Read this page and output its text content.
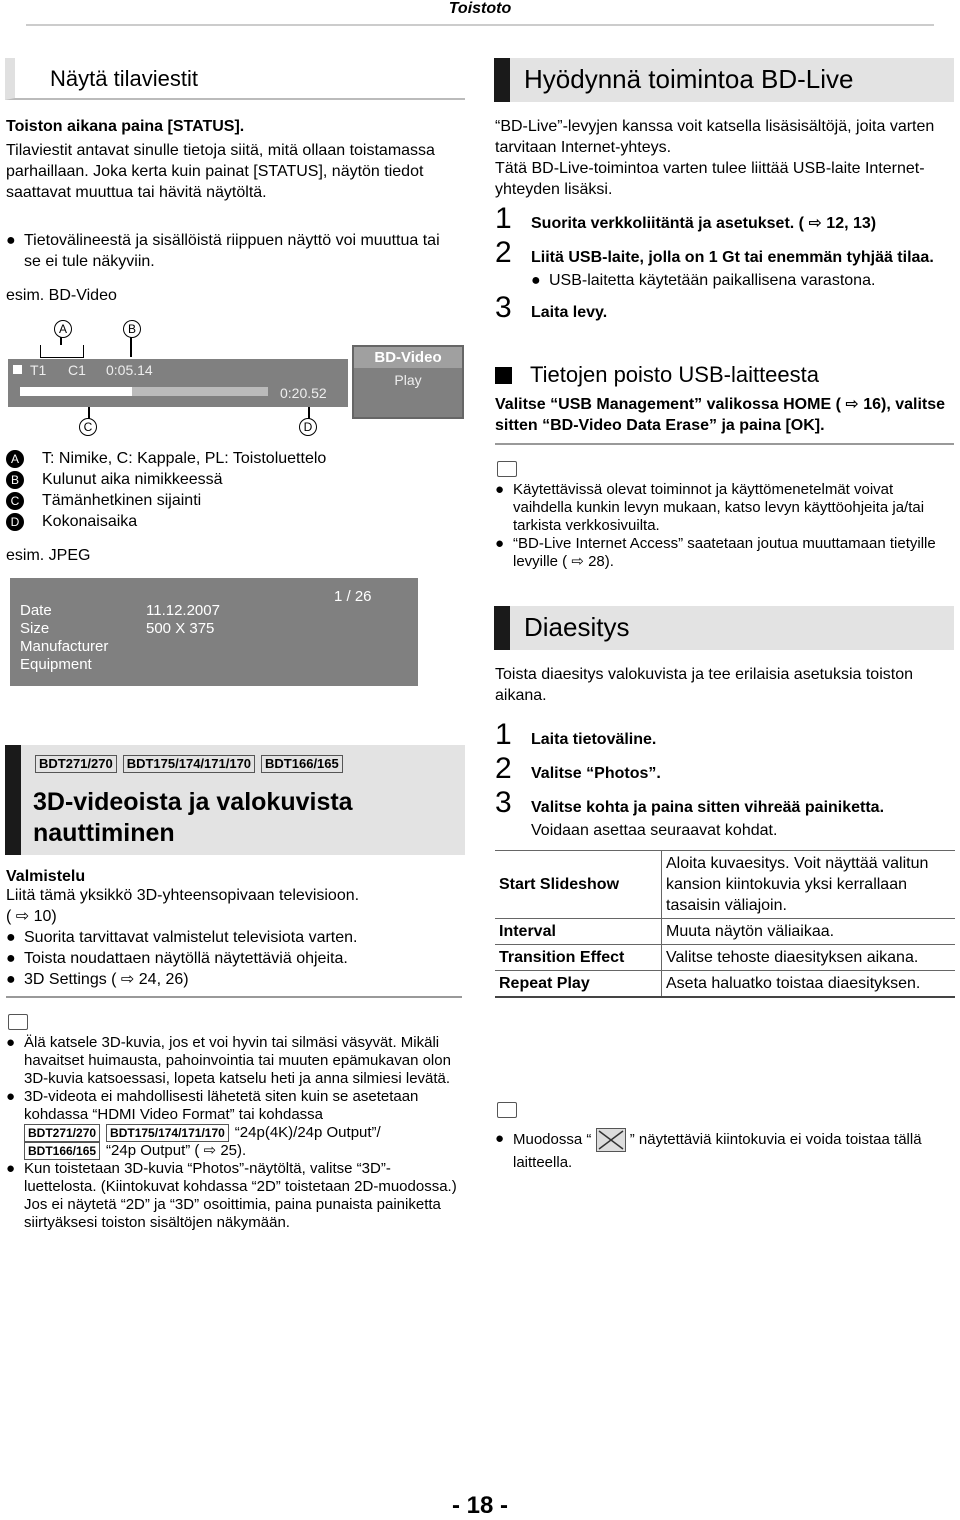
Toistoto
Näytä tilaviestit

Toiston aikana paina [STATUS].

Tilaviestit antavat sinulle tietoja siitä, mitä ollaan toistamassa parhaillaan. Joka kerta kuin painat [STATUS], näytön tiedot saattavat muuttua tai hävitä näytöltä.

● Tietovälineestä ja sisällöistä riippuen näyttö voi muuttua tai se ei tule näkyviin.

esim. BD-Video

A	B
T1 C1 0:05.14
0:20.52
BD-Video
Play
C	D
A	T: Nimike, C: Kappale, PL: Toistoluettelo
B	Kulunut aika nimikkeessä
C Tämänhetkinen sijainti
D Kokonaisaika

esim. JPEG

1 / 26
Date	11.12.2007
Size	500 X 375
Manufacturer
Equipment
BDT271/270 BDT175/174/171/170 BDT166/165
3D-videoista ja valokuvista
nauttiminen

Valmistelu

Liitä tämä yksikkö 3D-yhteensopivaan televisioon.

( ⇨ 10)

● Suorita tarvittavat valmistelut televisiota varten.
● Toista noudattaen näytöllä näytettäviä ohjeita.
● 3D Settings ( ⇨ 24, 26)
● Älä katsele 3D-kuvia, jos et voi hyvin tai silmäsi väsyvät. Mikäli havaitset huimausta, pahoinvointia tai muuten epämukavan olon 3D-kuvia katsoessasi, lopeta katselu heti ja anna silmiesi levätä.
● 3D-videota ei mahdollisesti lähetetä siten kuin se asetetaan kohdassa “HDMI Video Format” tai kohdassa
BDT271/270 BDT175/174/171/170 “24p(4K)/24p Output”/
BDT166/165 “24p Output” ( ⇨ 25).
● Kun toistetaan 3D-kuvia “Photos”-näytöltä, valitse “3D”-luettelosta. (Kiintokuvat kohdassa “2D” toistetaan 2D-muodossa.)
Jos ei näytetä “2D” ja “3D” osoittimia, paina punaista painiketta siirtyäksesi toiston sisältöjen näkymään.
Hyödynnä toimintoa BD-Live

“BD-Live”-levyjen kanssa voit katsella lisäsisältöjä, joita varten tarvitaan Internet-yhteys.

Tätä BD-Live-toimintoa varten tulee liittää USB-laite Internet-yhteyden lisäksi.

1	Suorita verkkoliitäntä ja asetukset. ( ⇨ 12, 13)
2	Liitä USB-laite, jolla on 1 Gt tai enemmän tyhjää tilaa.
● USB-laitetta käytetään paikallisena varastona.
3	Laita levy.
Tietojen poisto USB-laitteesta

Valitse “USB Management” valikossa HOME ( ⇨ 16), valitse sitten “BD-Video Data Erase” ja paina [OK].

● Käytettävissä olevat toiminnot ja käyttömenetelmät voivat vaihdella kunkin levyn mukaan, katso levyn käyttöohjeita ja/tai tarkista verkkosivuilta.
● “BD-Live Internet Access” saatetaan joutua muuttamaan tietyille levyille ( ⇨ 28).
Diaesitys

Toista diaesitys valokuvista ja tee erilaisia asetuksia toiston aikana.

1	Laita tietoväline.
2	Valitse “Photos”.
3	Valitse kohta ja paina sitten vihreää painiketta.

Voidaan asettaa seuraavat kohdat.

Start Slideshow	Aloita kuvaesitys. Voit näyttää valitun kansion kiintokuvia yksi kerrallaan tasaisin väliajoin.
Interval	Muuta näytön väliaikaa.
Transition Effect	Valitse tehoste diaesityksen aikana.
Repeat Play	Aseta haluatko toistaa diaesityksen.
● Muodossa “	” näytettäviä kiintokuvia ei voida toistaa tällä laitteella.
- 18 -
